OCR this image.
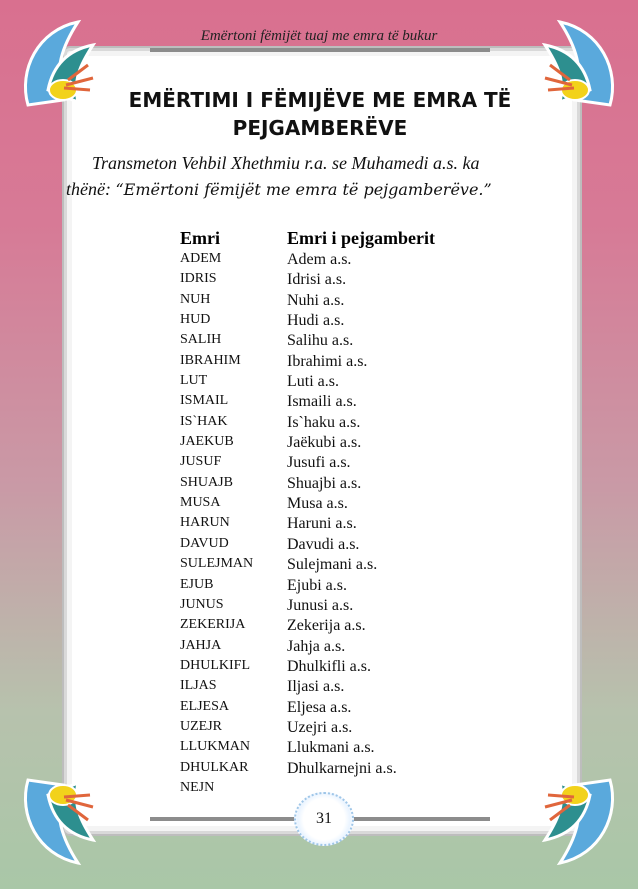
Emërtoni fëmijët tuaj me emra të bukur
EMËRTIMI I FËMIJËVE ME EMRA TË PEJGAMBERËVE
Transmeton Vehbil Xhethmiu r.a. se Muhamedi a.s. ka
thënë: “Emërtoni fëmijët me emra të pejgamberëve.”
Emri	Emri i pejgamberit
ADEM	Adem a.s.
IDRIS	Idrisi a.s.
NUH	Nuhi a.s.
HUD	Hudi a.s.
SALIH	Salihu a.s.
IBRAHIM	Ibrahimi a.s.
LUT	Luti a.s.
ISMAIL	Ismaili a.s.
IS`HAK	Is`haku a.s.
JAEKUB	Jaëkubi a.s.
JUSUF	Jusufi a.s.
SHUAJB	Shuajbi a.s.
MUSA	Musa a.s.
HARUN	Haruni a.s.
DAVUD	Davudi a.s.
SULEJMAN Sulejmani a.s.
EJUB	Ejubi a.s.
JUNUS	Junusi a.s.
ZEKERIJA	Zekerija a.s.
JAHJA	Jahja a.s.
DHULKIFL Dhulkifli a.s.
ILJAS	Iljasi a.s.
ELJESA	Eljesa a.s.
UZEJR	Uzejri a.s.
LLUKMAN Llukmani a.s.
DHULKAR Dhulkarnejni a.s.
NEJN
31
